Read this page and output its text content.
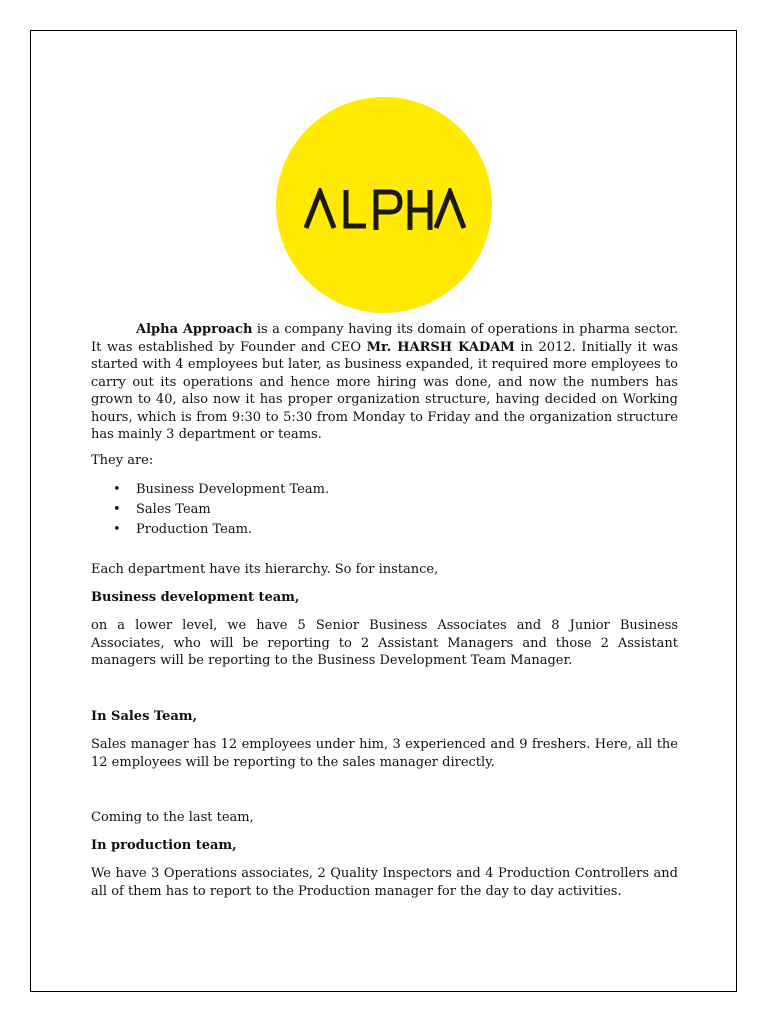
Alpha Approach is a company having its domain of operations in pharma sector. It was established by Founder and CEO Mr. HARSH KADAM in 2012. Initially it was started with 4 employees but later, as business expanded, it required more employees to carry out its operations and hence more hiring was done, and now the numbers has grown to 40, also now it has proper organization structure, having decided on Working hours, which is from 9:30 to 5:30 from Monday to Friday and the organization structure has mainly 3 department or teams.

They are:

• Business Development Team.
• Sales Team
• Production Team.

Each department have its hierarchy. So for instance,

Business development team,

on a lower level, we have 5 Senior Business Associates and 8 Junior Business Associates, who will be reporting to 2 Assistant Managers and those 2 Assistant managers will be reporting to the Business Development Team Manager.

In Sales Team,

Sales manager has 12 employees under him, 3 experienced and 9 freshers. Here, all the 12 employees will be reporting to the sales manager directly.

Coming to the last team,

In production team,

We have 3 Operations associates, 2 Quality Inspectors and 4 Production Controllers and all of them has to report to the Production manager for the day to day activities.
